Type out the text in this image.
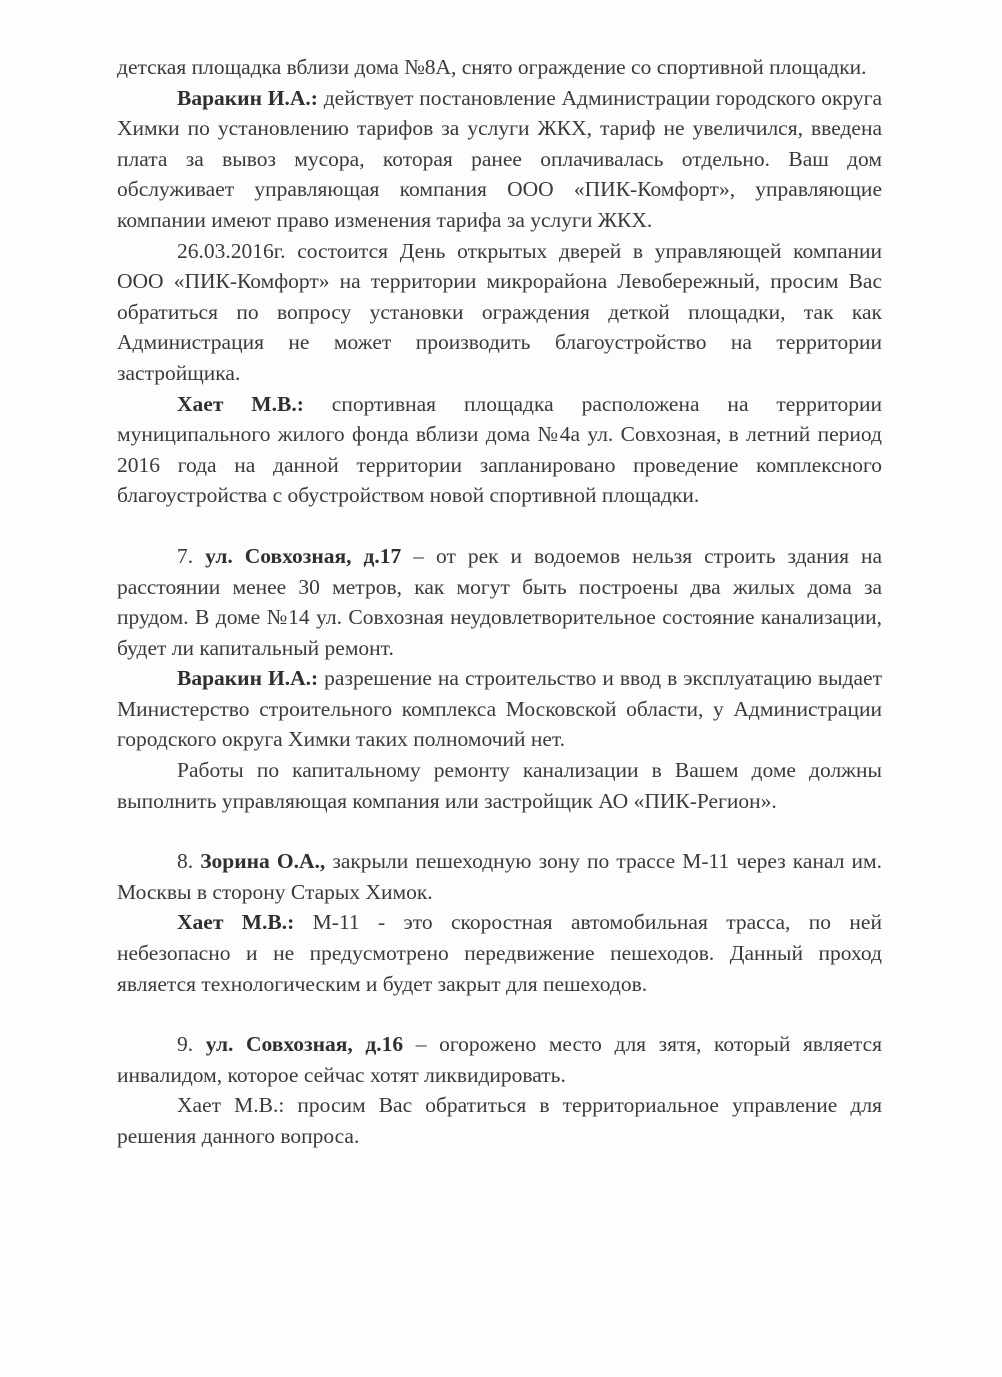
детская площадка вблизи дома №8А, снято ограждение со спортивной площадки.

Варакин И.А.: действует постановление Администрации городского округа Химки по установлению тарифов за услуги ЖКХ, тариф не увеличился, введена плата за вывоз мусора, которая ранее оплачивалась отдельно. Ваш дом обслуживает управляющая компания ООО «ПИК-Комфорт», управляющие компании имеют право изменения тарифа за услуги ЖКХ.

26.03.2016г. состоится День открытых дверей в управляющей компании ООО «ПИК-Комфорт» на территории микрорайона Левобережный, просим Вас обратиться по вопросу установки ограждения деткой площадки, так как Администрация не может производить благоустройство на территории застройщика.

Хает М.В.: спортивная площадка расположена на территории муниципального жилого фонда вблизи дома №4а ул. Совхозная, в летний период 2016 года на данной территории запланировано проведение комплексного благоустройства с обустройством новой спортивной площадки.

7. ул. Совхозная, д.17 – от рек и водоемов нельзя строить здания на расстоянии менее 30 метров, как могут быть построены два жилых дома за прудом. В доме №14 ул. Совхозная неудовлетворительное состояние канализации, будет ли капитальный ремонт.

Варакин И.А.: разрешение на строительство и ввод в эксплуатацию выдает Министерство строительного комплекса Московской области, у Администрации городского округа Химки таких полномочий нет.

Работы по капитальному ремонту канализации в Вашем доме должны выполнить управляющая компания или застройщик АО «ПИК-Регион».

8. Зорина О.А., закрыли пешеходную зону по трассе М-11 через канал им. Москвы в сторону Старых Химок.

Хает М.В.: М-11 - это скоростная автомобильная трасса, по ней небезопасно и не предусмотрено передвижение пешеходов. Данный проход является технологическим и будет закрыт для пешеходов.

9. ул. Совхозная, д.16 – огорожено место для зятя, который является инвалидом, которое сейчас хотят ликвидировать.

Хает М.В.: просим Вас обратиться в территориальное управление для решения данного вопроса.
